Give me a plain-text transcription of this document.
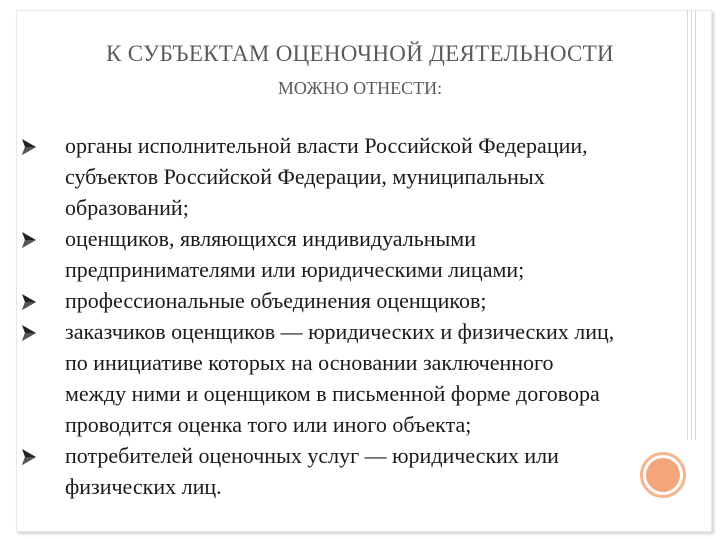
К СУБЪЕКТАМ ОЦЕНОЧНОЙ ДЕЯТЕЛЬНОСТИ
МОЖНО ОТНЕСТИ:
органы исполнительной власти Российской Федерации,
субъектов Российской Федерации, муниципальных
образований;
оценщиков, являющихся индивидуальными
предпринимателями или юридическими лицами;
профессиональные объединения оценщиков;
заказчиков оценщиков — юридических и физических лиц,
по инициативе которых на основании заключенного
между ними и оценщиком в письменной форме договора
проводится оценка того или иного объекта;
потребителей оценочных услуг — юридических или
физических лиц.
